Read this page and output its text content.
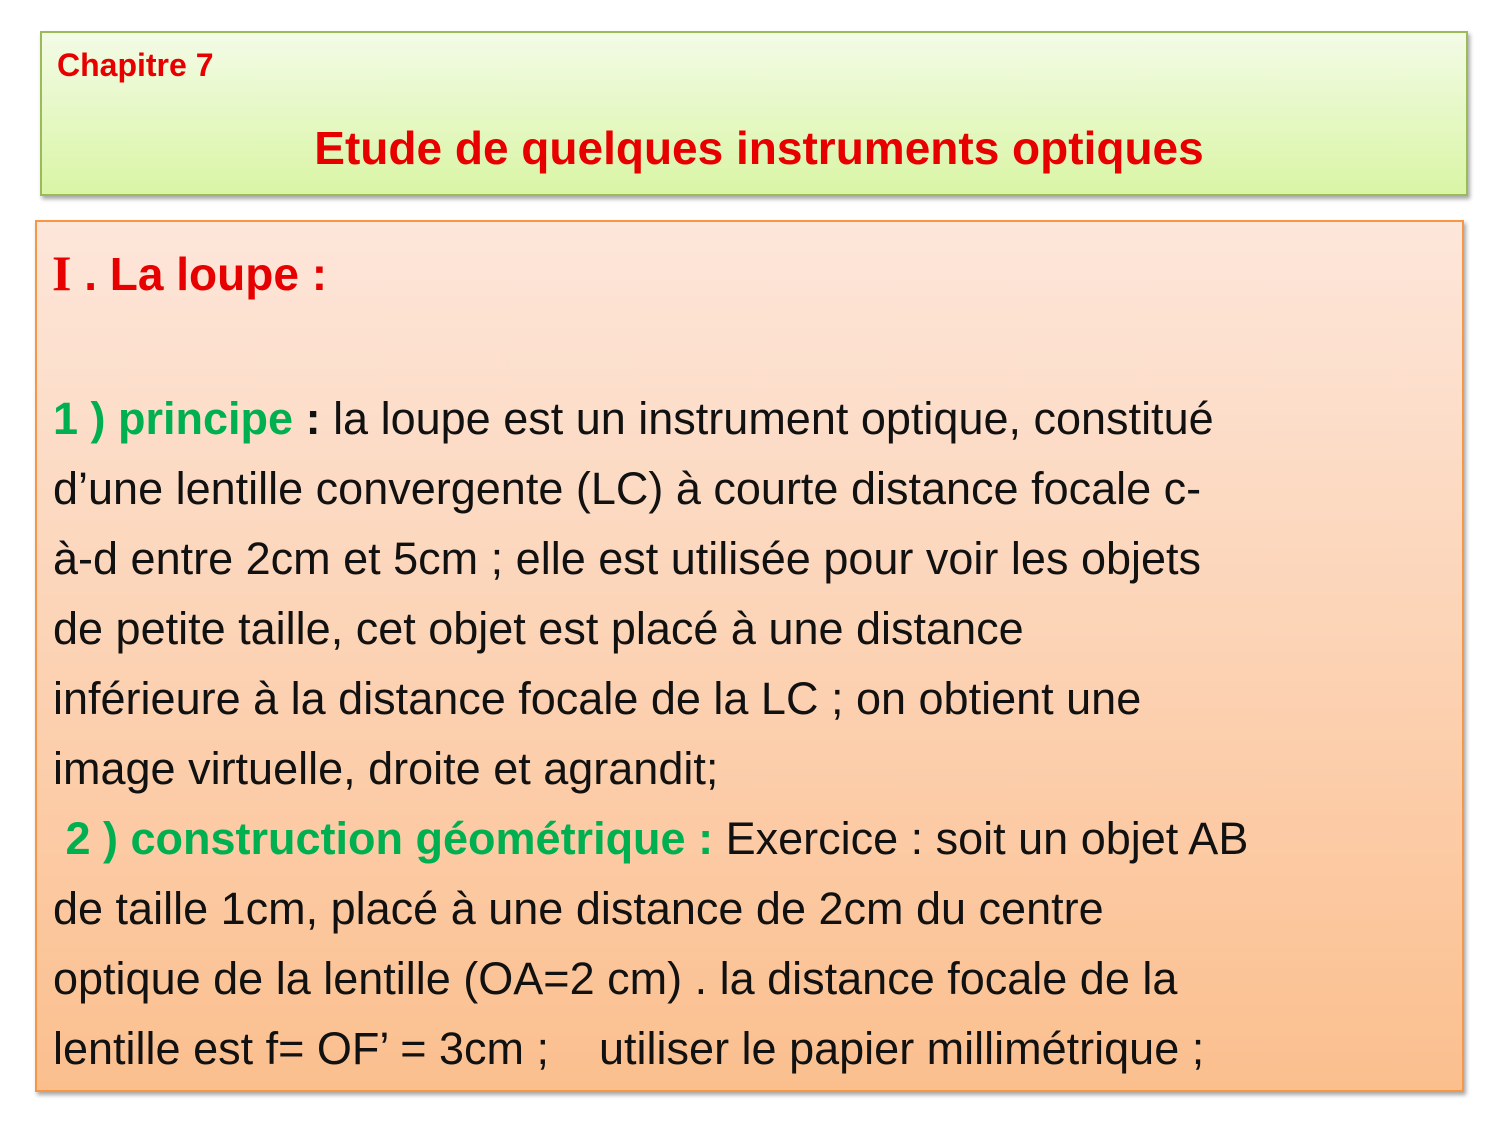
Chapitre 7
Etude de quelques instruments optiques
I . La loupe :
1 ) principe : la loupe est un instrument optique, constitué
d’une lentille convergente (LC) à courte distance focale c-
à-d entre 2cm et 5cm ; elle est utilisée pour voir les objets
de petite taille, cet objet est placé à une distance
inférieure à la distance focale de la LC ; on obtient une
image virtuelle, droite et agrandit;
2 ) construction géométrique : Exercice : soit un objet AB
de taille 1cm, placé à une distance de 2cm du centre
optique de la lentille (OA=2 cm) . la distance focale de la
lentille est f= OF’ = 3cm ;    utiliser le papier millimétrique ;
